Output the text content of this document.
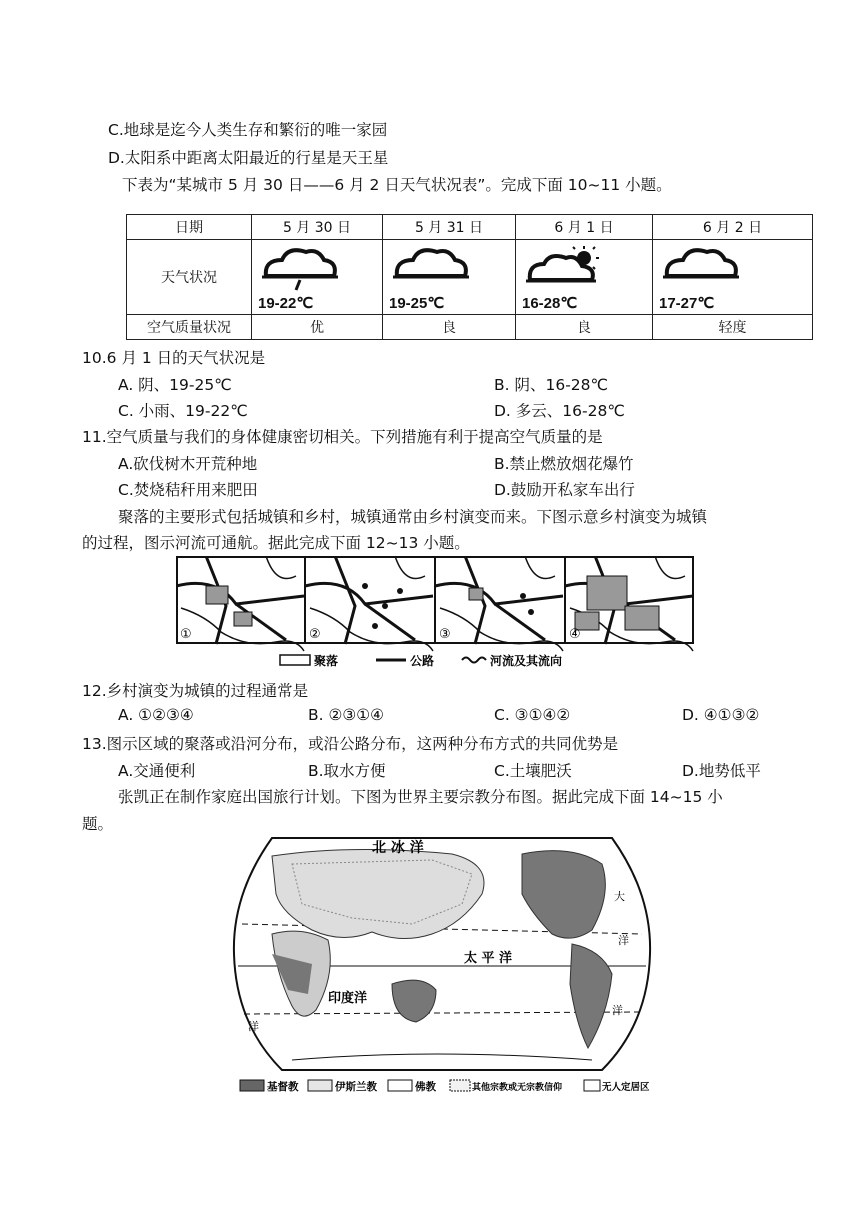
C.地球是迄今人类生存和繁衍的唯一家园
D.太阳系中距离太阳最近的行星是天王星
下表为“某城市 5 月 30 日——6 月 2 日天气状况表”。完成下面 10~11 小题。
日期	5 月 30 日	5 月 31 日	6 月 1 日	6 月 2 日
天气状况	19-22℃	19-25℃	16-28℃	17-27℃

空气质量状况	优	良	良	轻度
10.6 月 1 日的天气状况是
A. 阴、19-25℃	B. 阴、16-28℃
C. 小雨、19-22℃	D. 多云、16-28℃
11.空气质量与我们的身体健康密切相关。下列措施有利于提高空气质量的是
A.砍伐树木开荒种地	B.禁止燃放烟花爆竹
C.焚烧秸秆用来肥田	D.鼓励开私家车出行
聚落的主要形式包括城镇和乡村，城镇通常由乡村演变而来。下图示意乡村演变为城镇
的过程，图示河流可通航。据此完成下面 12~13 小题。
①	②	③	④
聚落	公路	河流及其流向
12.乡村演变为城镇的过程通常是
A. ①②③④	B. ②③①④	C. ③①④②	D. ④①③②
13.图示区域的聚落或沿河分布，或沿公路分布，这两种分布方式的共同优势是
A.交通便利	B.取水方便	C.土壤肥沃	D.地势低平
张凯正在制作家庭出国旅行计划。下图为世界主要宗教分布图。据此完成下面 14~15 小
题。
北 冰 洋
太 平 洋
印度洋
大
洋
洋
洋
基督教	伊斯兰教	佛教	其他宗教或无宗教信仰	无人定居区
